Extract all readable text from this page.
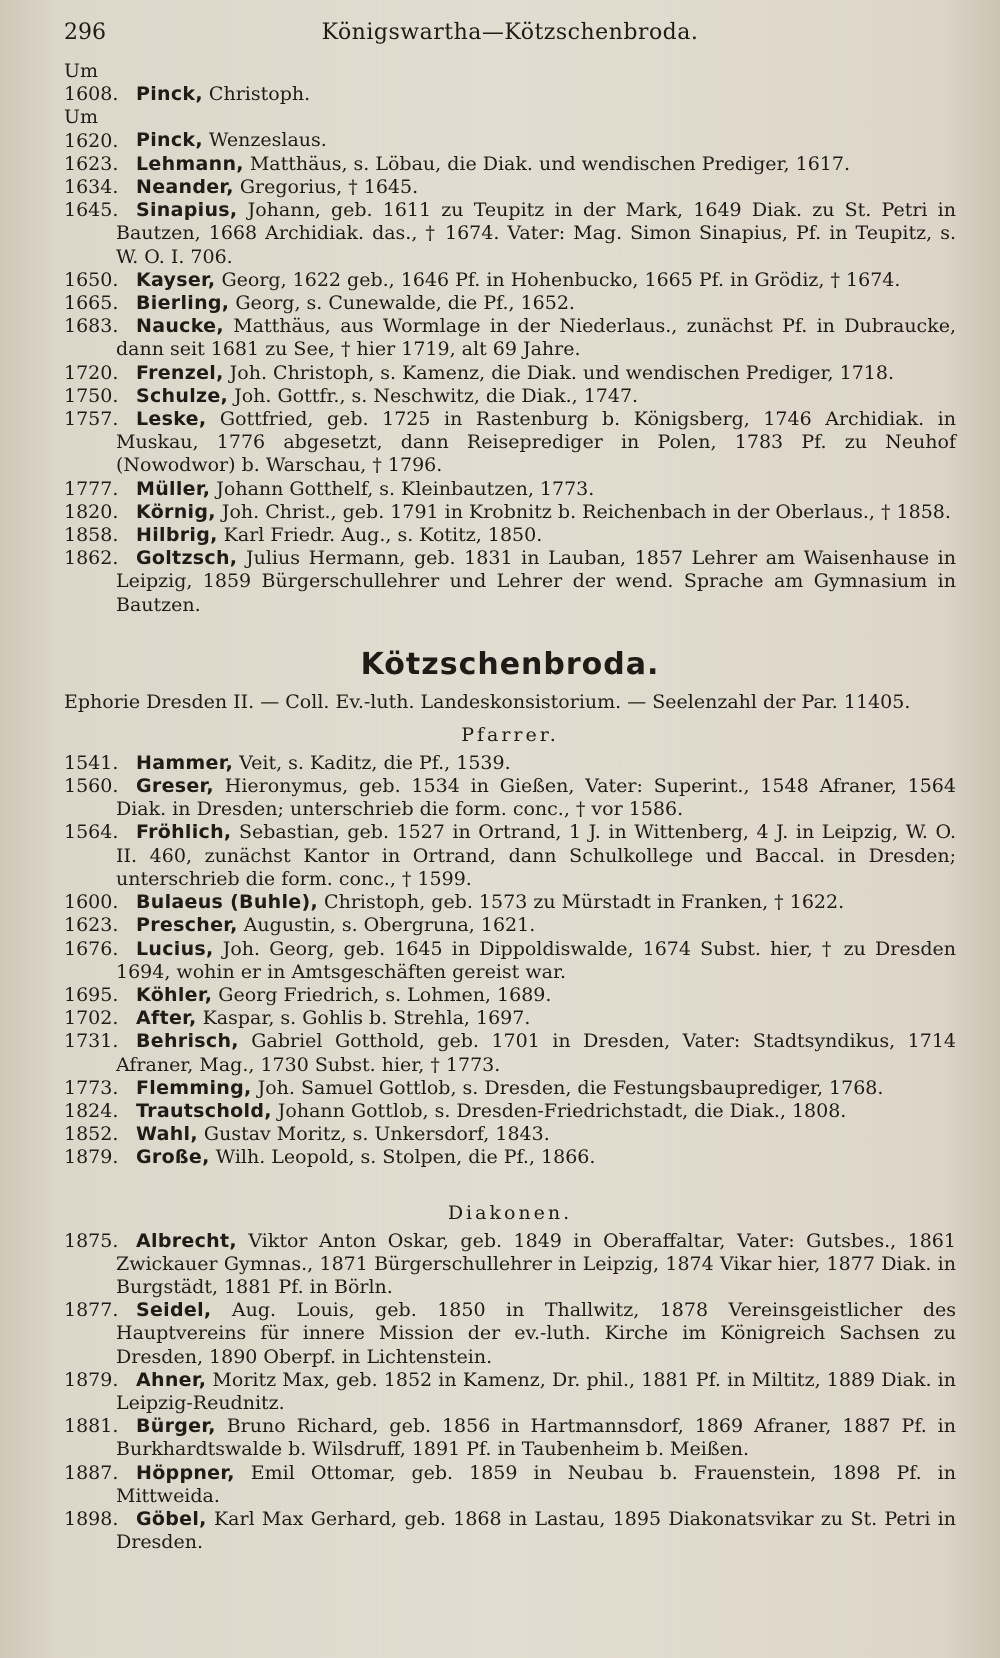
296	Königswartha—Kötzschenbroda.

Um 1608. Pinck, Christoph.

Um 1620. Pinck, Wenzeslaus.

1623. Lehmann, Matthäus, s. Löbau, die Diak. und wendischen Prediger, 1617.

1634. Neander, Gregorius, † 1645.

1645. Sinapius, Johann, geb. 1611 zu Teupitz in der Mark, 1649 Diak. zu St. Petri in Bautzen, 1668 Archidiak. das., † 1674. Vater: Mag. Simon Sinapius, Pf. in Teupitz, s. W. O. I. 706.

1650. Kayser, Georg, 1622 geb., 1646 Pf. in Hohenbucko, 1665 Pf. in Grödiz, † 1674.

1665. Bierling, Georg, s. Cunewalde, die Pf., 1652.

1683. Naucke, Matthäus, aus Wormlage in der Niederlaus., zunächst Pf. in Dubraucke, dann seit 1681 zu See, † hier 1719, alt 69 Jahre.

1720. Frenzel, Joh. Christoph, s. Kamenz, die Diak. und wendischen Prediger, 1718.

1750. Schulze, Joh. Gottfr., s. Neschwitz, die Diak., 1747.

1757. Leske, Gottfried, geb. 1725 in Rastenburg b. Königsberg, 1746 Archidiak. in Muskau, 1776 abgesetzt, dann Reiseprediger in Polen, 1783 Pf. zu Neuhof (Nowodwor) b. Warschau, † 1796.

1777. Müller, Johann Gotthelf, s. Kleinbautzen, 1773.

1820. Körnig, Joh. Christ., geb. 1791 in Krobnitz b. Reichenbach in der Oberlaus., † 1858.

1858. Hilbrig, Karl Friedr. Aug., s. Kotitz, 1850.

1862. Goltzsch, Julius Hermann, geb. 1831 in Lauban, 1857 Lehrer am Waisenhause in Leipzig, 1859 Bürgerschullehrer und Lehrer der wend. Sprache am Gymnasium in Bautzen.

Kötzschenbroda.
Ephorie Dresden II. — Coll. Ev.-luth. Landeskonsistorium. — Seelenzahl der Par. 11405.
Pfarrer.

1541. Hammer, Veit, s. Kaditz, die Pf., 1539.

1560. Greser, Hieronymus, geb. 1534 in Gießen, Vater: Superint., 1548 Afraner, 1564 Diak. in Dresden; unterschrieb die form. conc., † vor 1586.

1564. Fröhlich, Sebastian, geb. 1527 in Ortrand, 1 J. in Wittenberg, 4 J. in Leipzig, W. O. II. 460, zunächst Kantor in Ortrand, dann Schulkollege und Baccal. in Dresden; unterschrieb die form. conc., † 1599.

1600. Bulaeus (Buhle), Christoph, geb. 1573 zu Mürstadt in Franken, † 1622.

1623. Prescher, Augustin, s. Obergruna, 1621.

1676. Lucius, Joh. Georg, geb. 1645 in Dippoldiswalde, 1674 Subst. hier, † zu Dresden 1694, wohin er in Amtsgeschäften gereist war.

1695. Köhler, Georg Friedrich, s. Lohmen, 1689.

1702. After, Kaspar, s. Gohlis b. Strehla, 1697.

1731. Behrisch, Gabriel Gotthold, geb. 1701 in Dresden, Vater: Stadtsyndikus, 1714 Afraner, Mag., 1730 Subst. hier, † 1773.

1773. Flemming, Joh. Samuel Gottlob, s. Dresden, die Festungsbauprediger, 1768.

1824. Trautschold, Johann Gottlob, s. Dresden-Friedrichstadt, die Diak., 1808.

1852. Wahl, Gustav Moritz, s. Unkersdorf, 1843.

1879. Große, Wilh. Leopold, s. Stolpen, die Pf., 1866.

Diakonen.

1875. Albrecht, Viktor Anton Oskar, geb. 1849 in Oberaffaltar, Vater: Gutsbes., 1861 Zwickauer Gymnas., 1871 Bürgerschullehrer in Leipzig, 1874 Vikar hier, 1877 Diak. in Burgstädt, 1881 Pf. in Börln.

1877. Seidel, Aug. Louis, geb. 1850 in Thallwitz, 1878 Vereinsgeistlicher des Hauptvereins für innere Mission der ev.-luth. Kirche im Königreich Sachsen zu Dresden, 1890 Oberpf. in Lichtenstein.

1879. Ahner, Moritz Max, geb. 1852 in Kamenz, Dr. phil., 1881 Pf. in Miltitz, 1889 Diak. in Leipzig-Reudnitz.

1881. Bürger, Bruno Richard, geb. 1856 in Hartmannsdorf, 1869 Afraner, 1887 Pf. in Burkhardtswalde b. Wilsdruff, 1891 Pf. in Taubenheim b. Meißen.

1887. Höppner, Emil Ottomar, geb. 1859 in Neubau b. Frauenstein, 1898 Pf. in Mittweida.

1898. Göbel, Karl Max Gerhard, geb. 1868 in Lastau, 1895 Diakonatsvikar zu St. Petri in Dresden.
